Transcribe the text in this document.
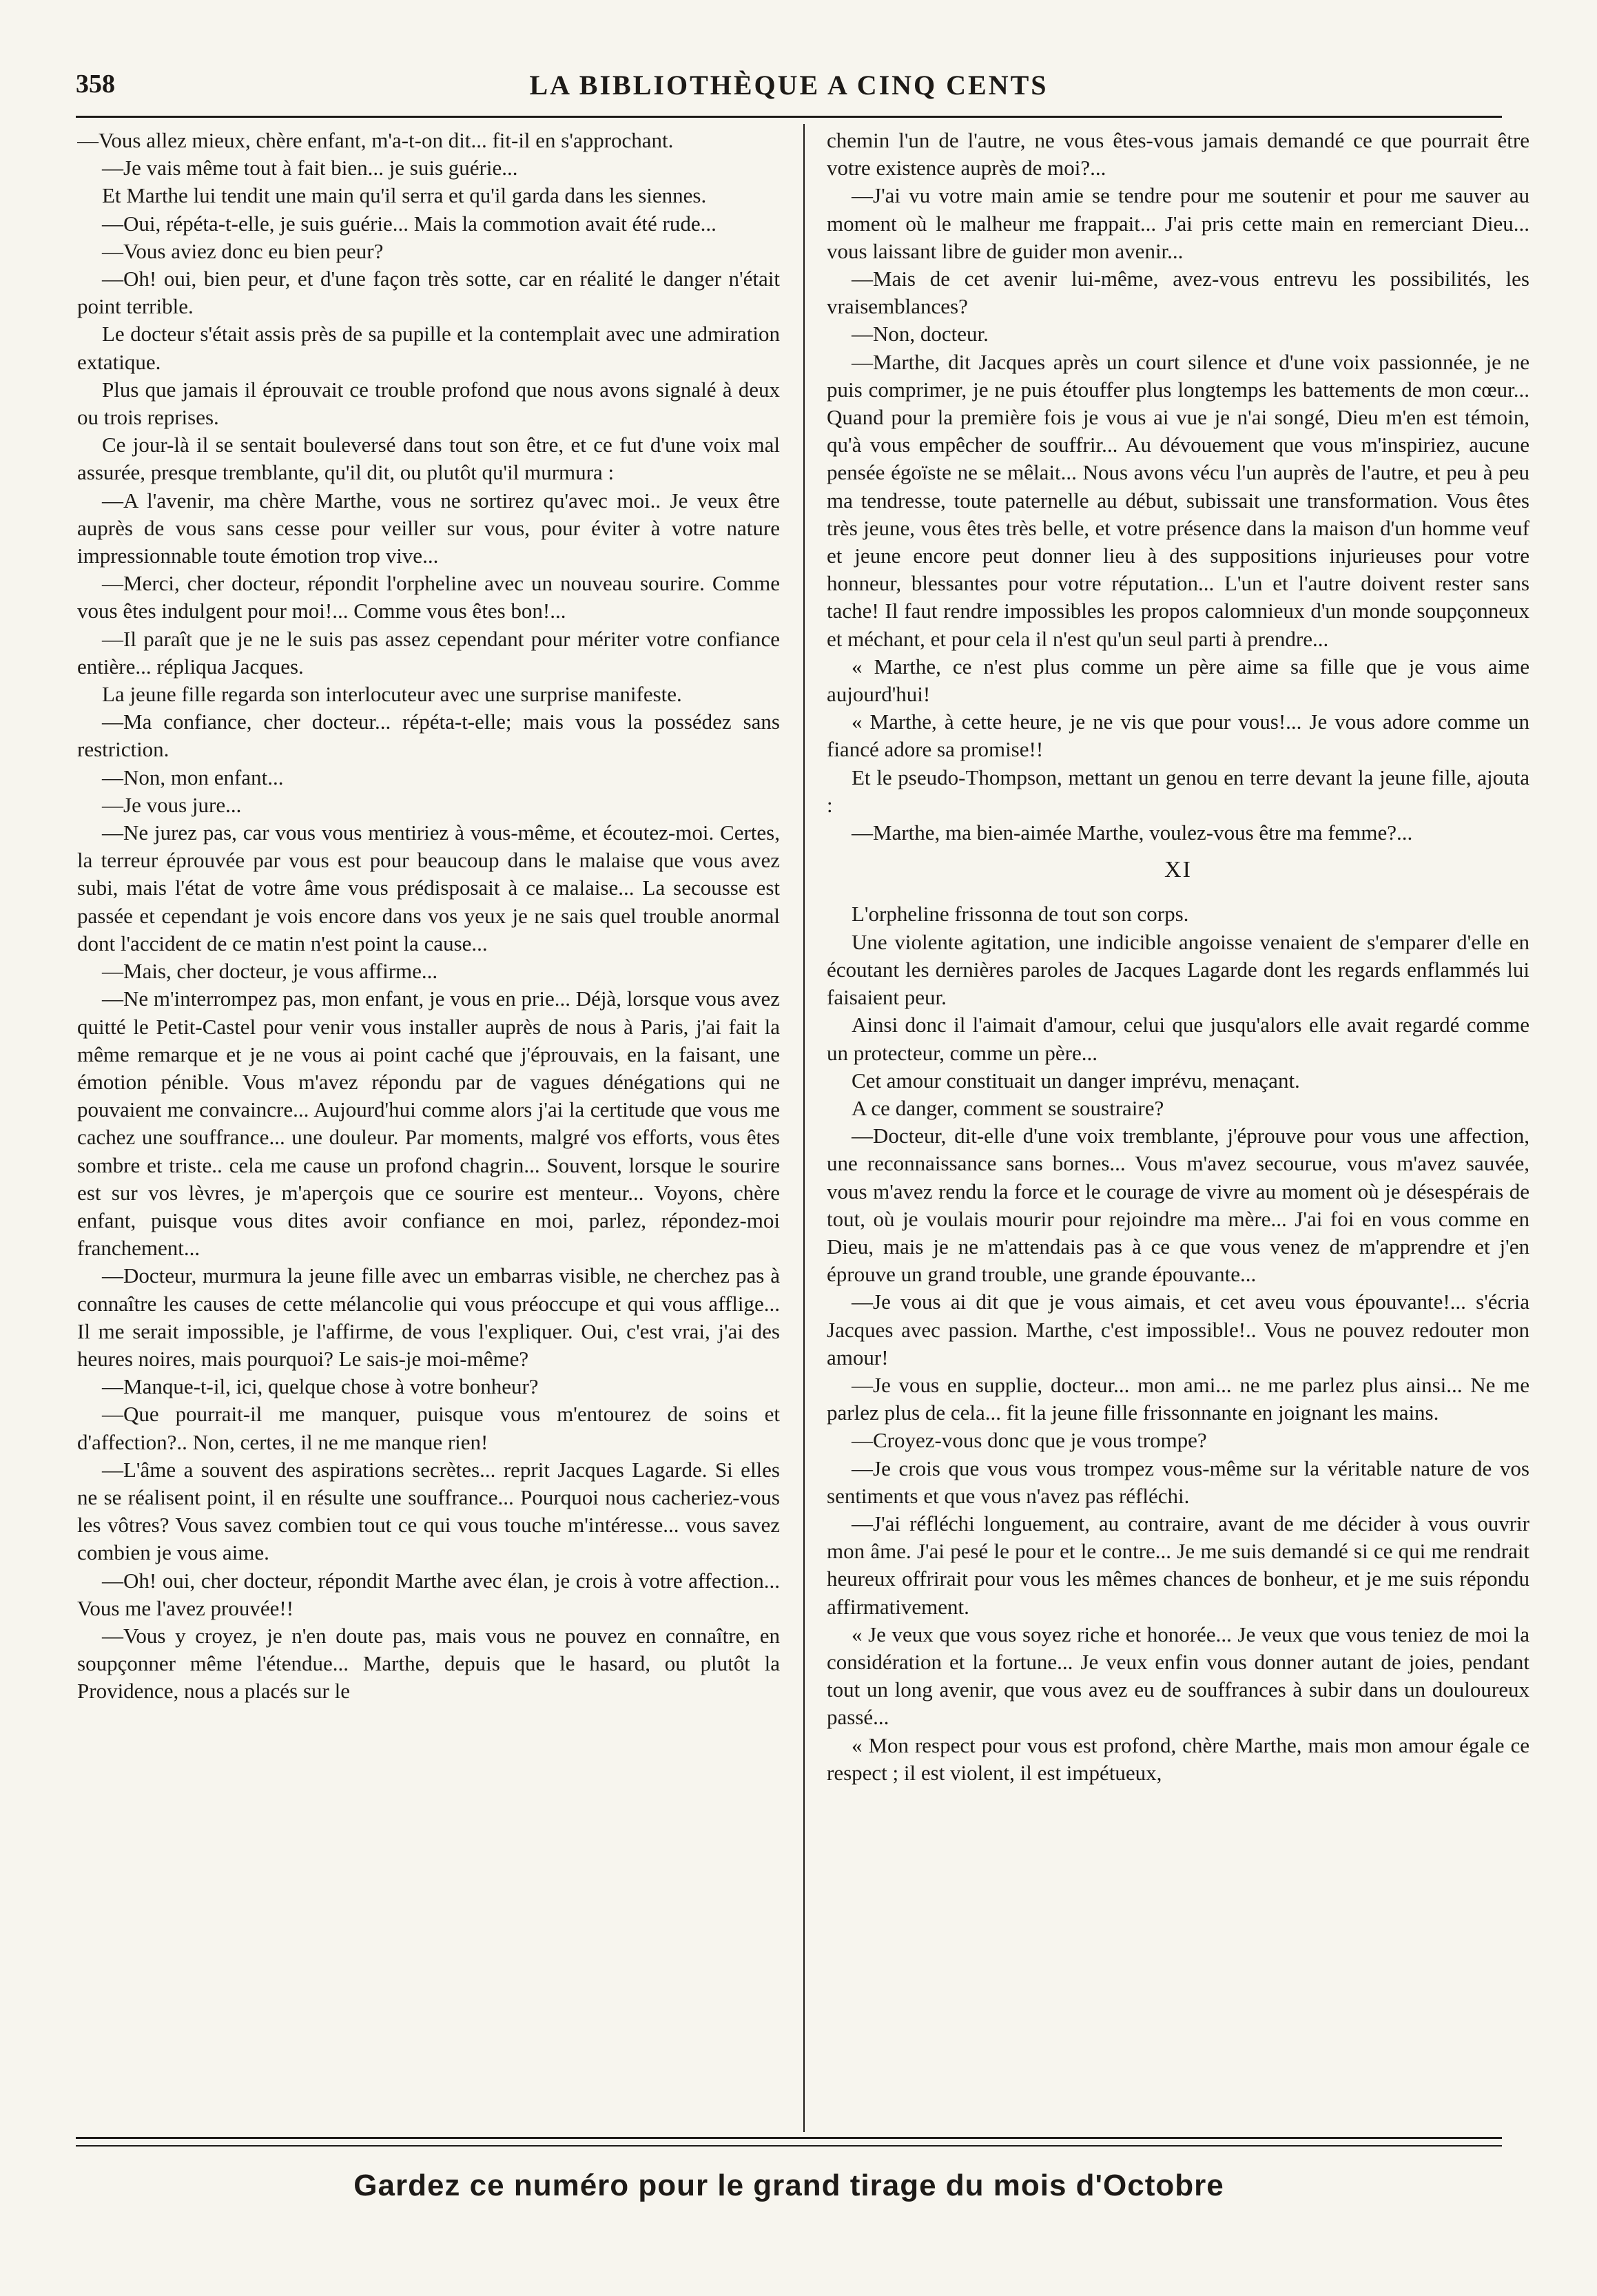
358	LA BIBLIOTHÈQUE A CINQ CENTS

—Vous allez mieux, chère enfant, m'a-t-on dit... fit-il en s'approchant.

—Je vais même tout à fait bien... je suis guérie...

Et Marthe lui tendit une main qu'il serra et qu'il garda dans les siennes.

—Oui, répéta-t-elle, je suis guérie... Mais la commotion avait été rude...

—Vous aviez donc eu bien peur?

—Oh! oui, bien peur, et d'une façon très sotte, car en réalité le danger n'était point terrible.

Le docteur s'était assis près de sa pupille et la contemplait avec une admiration extatique.

Plus que jamais il éprouvait ce trouble profond que nous avons signalé à deux ou trois reprises.

Ce jour-là il se sentait bouleversé dans tout son être, et ce fut d'une voix mal assurée, presque tremblante, qu'il dit, ou plutôt qu'il murmura :

—A l'avenir, ma chère Marthe, vous ne sortirez qu'avec moi.. Je veux être auprès de vous sans cesse pour veiller sur vous, pour éviter à votre nature impressionnable toute émotion trop vive...

—Merci, cher docteur, répondit l'orpheline avec un nouveau sourire. Comme vous êtes indulgent pour moi!... Comme vous êtes bon!...

—Il paraît que je ne le suis pas assez cependant pour mériter votre confiance entière... répliqua Jacques.

La jeune fille regarda son interlocuteur avec une surprise manifeste.

—Ma confiance, cher docteur... répéta-t-elle; mais vous la possédez sans restriction.

—Non, mon enfant...

—Je vous jure...

—Ne jurez pas, car vous vous mentiriez à vous-même, et écoutez-moi. Certes, la terreur éprouvée par vous est pour beaucoup dans le malaise que vous avez subi, mais l'état de votre âme vous prédisposait à ce malaise... La secousse est passée et cependant je vois encore dans vos yeux je ne sais quel trouble anormal dont l'accident de ce matin n'est point la cause...

—Mais, cher docteur, je vous affirme...

—Ne m'interrompez pas, mon enfant, je vous en prie... Déjà, lorsque vous avez quitté le Petit-Castel pour venir vous installer auprès de nous à Paris, j'ai fait la même remarque et je ne vous ai point caché que j'éprouvais, en la faisant, une émotion pénible. Vous m'avez répondu par de vagues dénégations qui ne pouvaient me convaincre... Aujourd'hui comme alors j'ai la certitude que vous me cachez une souffrance... une douleur. Par moments, malgré vos efforts, vous êtes sombre et triste.. cela me cause un profond chagrin... Souvent, lorsque le sourire est sur vos lèvres, je m'aperçois que ce sourire est menteur... Voyons, chère enfant, puisque vous dites avoir confiance en moi, parlez, répondez-moi franchement...

—Docteur, murmura la jeune fille avec un embarras visible, ne cherchez pas à connaître les causes de cette mélancolie qui vous préoccupe et qui vous afflige... Il me serait impossible, je l'affirme, de vous l'expliquer. Oui, c'est vrai, j'ai des heures noires, mais pourquoi? Le sais-je moi-même?

—Manque-t-il, ici, quelque chose à votre bonheur?

—Que pourrait-il me manquer, puisque vous m'entourez de soins et d'affection?.. Non, certes, il ne me manque rien!

—L'âme a souvent des aspirations secrètes... reprit Jacques Lagarde. Si elles ne se réalisent point, il en résulte une souffrance... Pourquoi nous cacheriez-vous les vôtres? Vous savez combien tout ce qui vous touche m'intéresse... vous savez combien je vous aime.

—Oh! oui, cher docteur, répondit Marthe avec élan, je crois à votre affection... Vous me l'avez prouvée!!

—Vous y croyez, je n'en doute pas, mais vous ne pouvez en connaître, en soupçonner même l'étendue... Marthe, depuis que le hasard, ou plutôt la Providence, nous a placés sur le

chemin l'un de l'autre, ne vous êtes-vous jamais demandé ce que pourrait être votre existence auprès de moi?...

—J'ai vu votre main amie se tendre pour me soutenir et pour me sauver au moment où le malheur me frappait... J'ai pris cette main en remerciant Dieu... vous laissant libre de guider mon avenir...

—Mais de cet avenir lui-même, avez-vous entrevu les possibilités, les vraisemblances?

—Non, docteur.

—Marthe, dit Jacques après un court silence et d'une voix passionnée, je ne puis comprimer, je ne puis étouffer plus longtemps les battements de mon cœur... Quand pour la première fois je vous ai vue je n'ai songé, Dieu m'en est témoin, qu'à vous empêcher de souffrir... Au dévouement que vous m'inspiriez, aucune pensée égoïste ne se mêlait... Nous avons vécu l'un auprès de l'autre, et peu à peu ma tendresse, toute paternelle au début, subissait une transformation. Vous êtes très jeune, vous êtes très belle, et votre présence dans la maison d'un homme veuf et jeune encore peut donner lieu à des suppositions injurieuses pour votre honneur, blessantes pour votre réputation... L'un et l'autre doivent rester sans tache! Il faut rendre impossibles les propos calomnieux d'un monde soupçonneux et méchant, et pour cela il n'est qu'un seul parti à prendre...

« Marthe, ce n'est plus comme un père aime sa fille que je vous aime aujourd'hui!

« Marthe, à cette heure, je ne vis que pour vous!... Je vous adore comme un fiancé adore sa promise!!

Et le pseudo-Thompson, mettant un genou en terre devant la jeune fille, ajouta :

—Marthe, ma bien-aimée Marthe, voulez-vous être ma femme?...

XI

L'orpheline frissonna de tout son corps.

Une violente agitation, une indicible angoisse venaient de s'emparer d'elle en écoutant les dernières paroles de Jacques Lagarde dont les regards enflammés lui faisaient peur.

Ainsi donc il l'aimait d'amour, celui que jusqu'alors elle avait regardé comme un protecteur, comme un père...

Cet amour constituait un danger imprévu, menaçant.

A ce danger, comment se soustraire?

—Docteur, dit-elle d'une voix tremblante, j'éprouve pour vous une affection, une reconnaissance sans bornes... Vous m'avez secourue, vous m'avez sauvée, vous m'avez rendu la force et le courage de vivre au moment où je désespérais de tout, où je voulais mourir pour rejoindre ma mère... J'ai foi en vous comme en Dieu, mais je ne m'attendais pas à ce que vous venez de m'apprendre et j'en éprouve un grand trouble, une grande épouvante...

—Je vous ai dit que je vous aimais, et cet aveu vous épouvante!... s'écria Jacques avec passion. Marthe, c'est impossible!.. Vous ne pouvez redouter mon amour!

—Je vous en supplie, docteur... mon ami... ne me parlez plus ainsi... Ne me parlez plus de cela... fit la jeune fille frissonnante en joignant les mains.

—Croyez-vous donc que je vous trompe?

—Je crois que vous vous trompez vous-même sur la véritable nature de vos sentiments et que vous n'avez pas réfléchi.

—J'ai réfléchi longuement, au contraire, avant de me décider à vous ouvrir mon âme. J'ai pesé le pour et le contre... Je me suis demandé si ce qui me rendrait heureux offrirait pour vous les mêmes chances de bonheur, et je me suis répondu affirmativement.

« Je veux que vous soyez riche et honorée... Je veux que vous teniez de moi la considération et la fortune... Je veux enfin vous donner autant de joies, pendant tout un long avenir, que vous avez eu de souffrances à subir dans un douloureux passé...

« Mon respect pour vous est profond, chère Marthe, mais mon amour égale ce respect ; il est violent, il est impétueux,

Gardez ce numéro pour le grand tirage du mois d'Octobre
